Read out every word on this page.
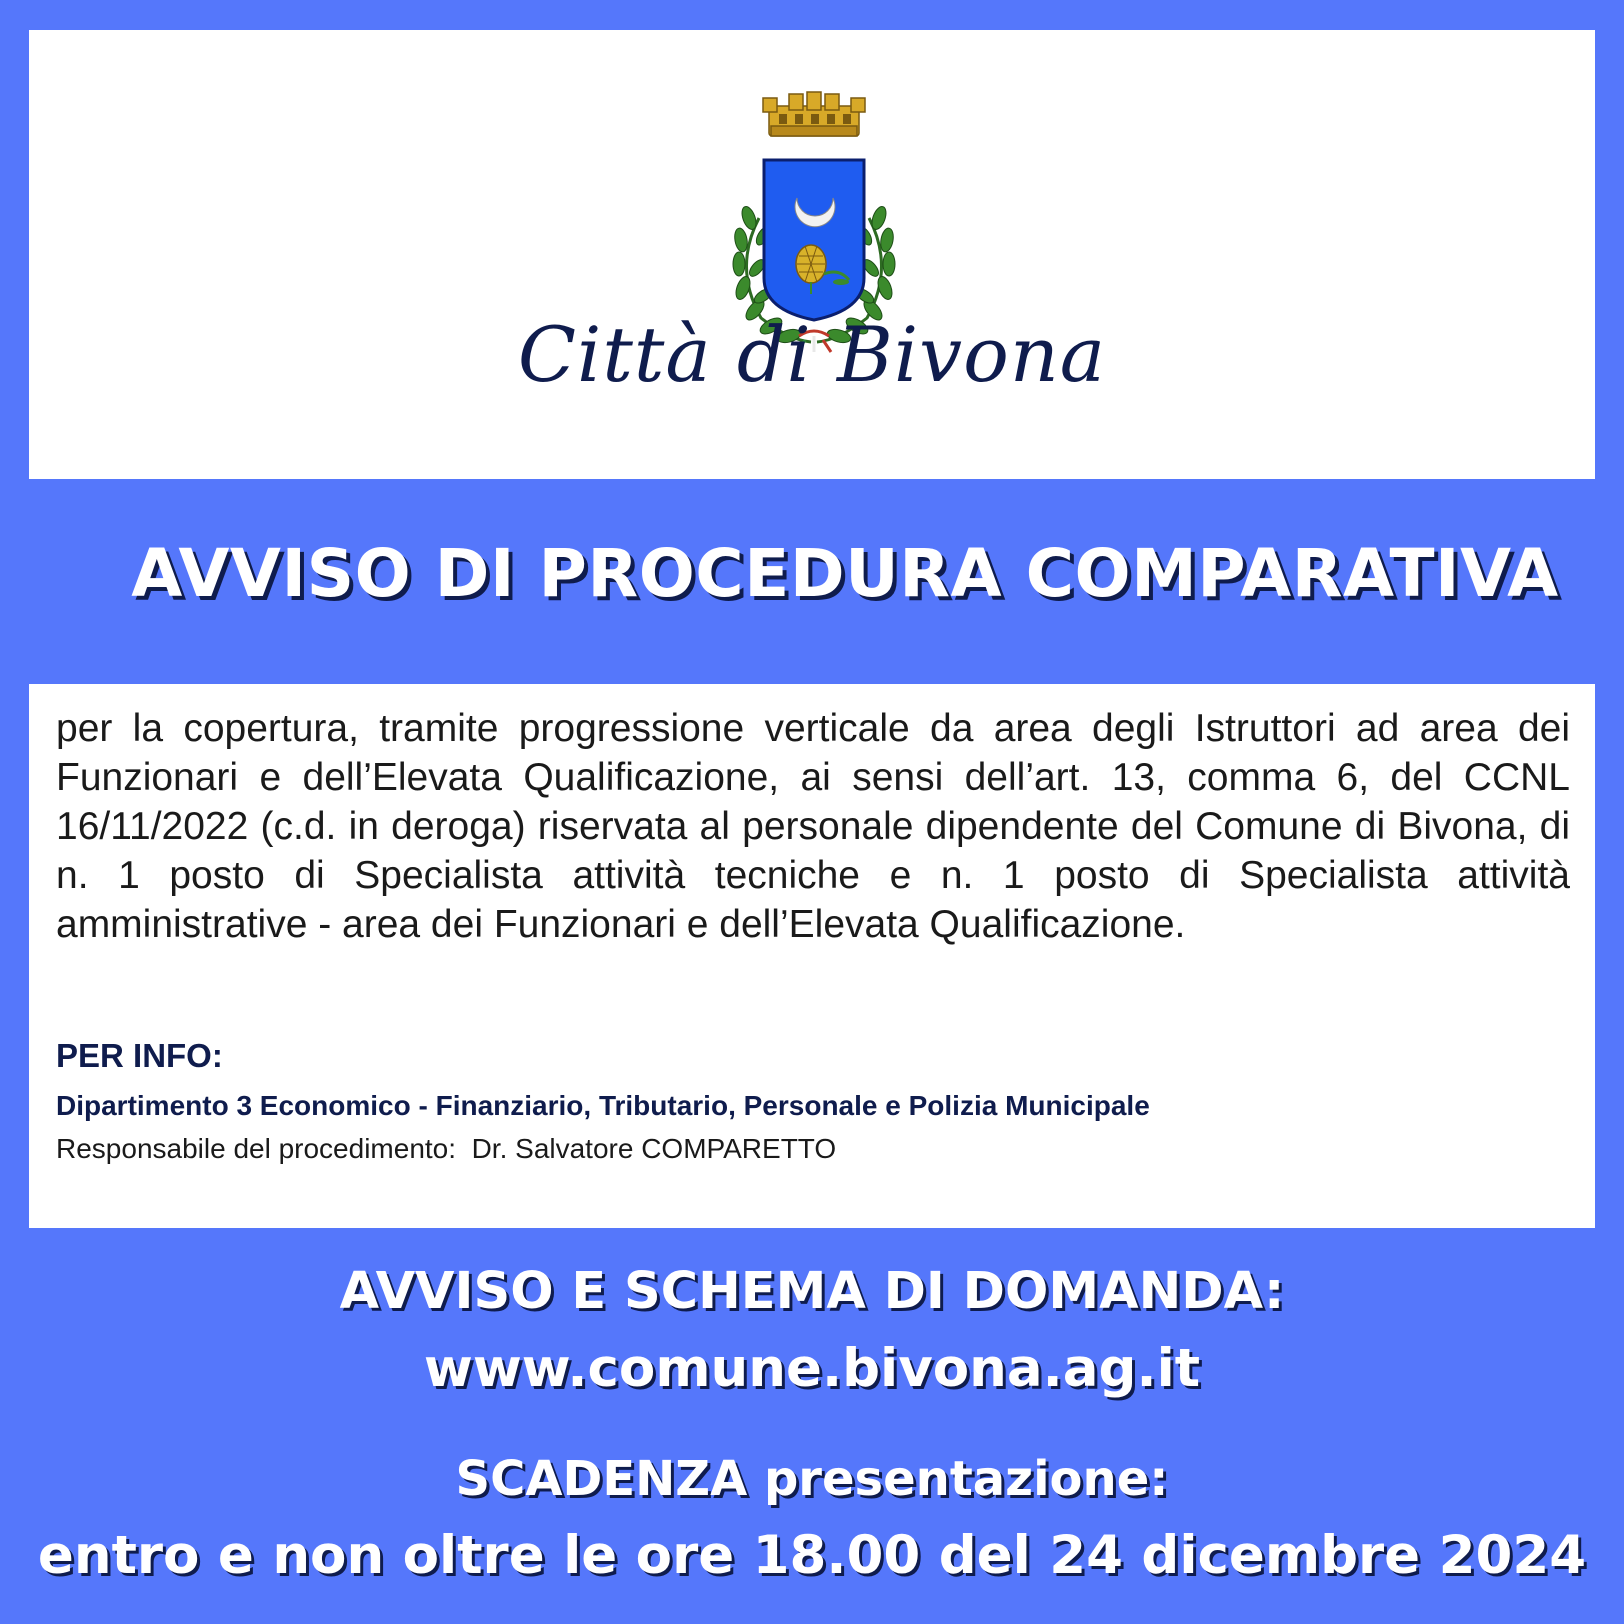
Città di Bivona
AVVISO DI PROCEDURA COMPARATIVA
per la copertura, tramite progressione verticale da area degli Istruttori ad area dei Funzionari e dell’Elevata Qualificazione, ai sensi dell’art. 13, comma 6, del CCNL 16/11/2022 (c.d. in deroga) riservata al personale dipendente del Comune di Bivona, di n. 1 posto di Specialista attività tecniche e n. 1 posto di Specialista attività amministrative - area dei Funzionari e dell’Elevata Qualificazione.
PER INFO:
Dipartimento 3 Economico - Finanziario, Tributario, Personale e Polizia Municipale
Responsabile del procedimento:  Dr. Salvatore COMPARETTO
AVVISO E SCHEMA DI DOMANDA:
www.comune.bivona.ag.it
SCADENZA presentazione:
entro e non oltre le ore 18.00 del 24 dicembre 2024
